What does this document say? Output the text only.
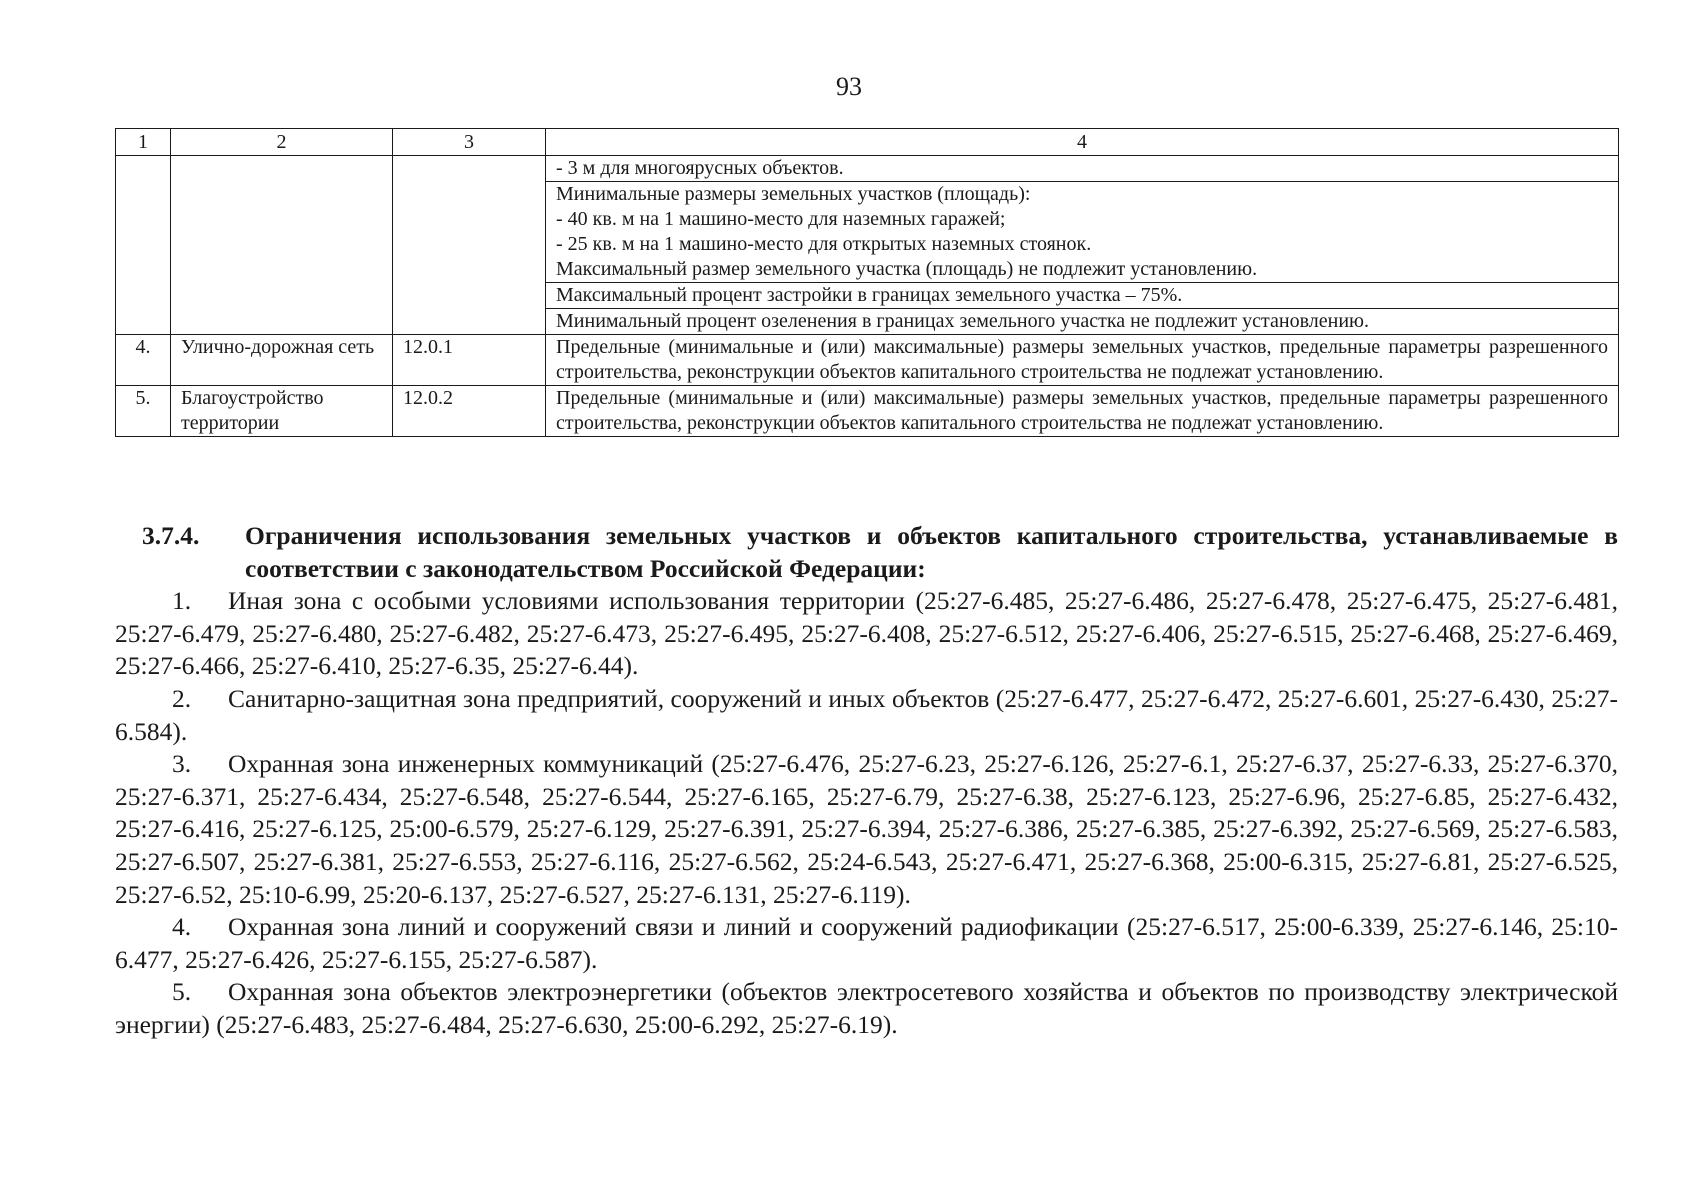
93
1	2	3	4

			- 3 м для многоярусных объектов.

			Минимальные размеры земельных участков (площадь):
- 40 кв. м на 1 машино-место для наземных гаражей;
- 25 кв. м на 1 машино-место для открытых наземных стоянок.
Максимальный размер земельного участка (площадь) не подлежит установлению.

			Максимальный процент застройки в границах земельного участка – 75%.

			Минимальный процент озеленения в границах земельного участка не подлежит установлению.

4.	Улично-дорожная сеть	12.0.1	Предельные (минимальные и (или) максимальные) размеры земельных участков, предельные параметры разрешенного строительства, реконструкции объектов капитального строительства не подлежат установлению.
5.	Благоустройство территории	12.0.2	Предельные (минимальные и (или) максимальные) размеры земельных участков, предельные параметры разрешенного строительства, реконструкции объектов капитального строительства не подлежат установлению.
3.7.4.	Ограничения использования земельных участков и объектов капитального строительства, устанавливаемые в соответствии с законодательством Российской Федерации:

1. Иная зона с особыми условиями использования территории (25:27-6.485, 25:27-6.486, 25:27-6.478, 25:27-6.475, 25:27-6.481, 25:27-6.479, 25:27-6.480, 25:27-6.482, 25:27-6.473, 25:27-6.495, 25:27-6.408, 25:27-6.512, 25:27-6.406, 25:27-6.515, 25:27-6.468, 25:27-6.469, 25:27-6.466, 25:27-6.410, 25:27-6.35, 25:27-6.44).

2. Санитарно-защитная зона предприятий, сооружений и иных объектов (25:27-6.477, 25:27-6.472, 25:27-6.601, 25:27-6.430, 25:27-6.584).

3. Охранная зона инженерных коммуникаций (25:27-6.476, 25:27-6.23, 25:27-6.126, 25:27-6.1, 25:27-6.37, 25:27-6.33, 25:27-6.370, 25:27-6.371, 25:27-6.434, 25:27-6.548, 25:27-6.544, 25:27-6.165, 25:27-6.79, 25:27-6.38, 25:27-6.123, 25:27-6.96, 25:27-6.85, 25:27-6.432, 25:27-6.416, 25:27-6.125, 25:00-6.579, 25:27-6.129, 25:27-6.391, 25:27-6.394, 25:27-6.386, 25:27-6.385, 25:27-6.392, 25:27-6.569, 25:27-6.583, 25:27-6.507, 25:27-6.381, 25:27-6.553, 25:27-6.116, 25:27-6.562, 25:24-6.543, 25:27-6.471, 25:27-6.368, 25:00-6.315, 25:27-6.81, 25:27-6.525, 25:27-6.52, 25:10-6.99, 25:20-6.137, 25:27-6.527, 25:27-6.131, 25:27-6.119).

4. Охранная зона линий и сооружений связи и линий и сооружений радиофикации (25:27-6.517, 25:00-6.339, 25:27-6.146, 25:10-6.477, 25:27-6.426, 25:27-6.155, 25:27-6.587).

5. Охранная зона объектов электроэнергетики (объектов электросетевого хозяйства и объектов по производству электрической энергии) (25:27-6.483, 25:27-6.484, 25:27-6.630, 25:00-6.292, 25:27-6.19).
